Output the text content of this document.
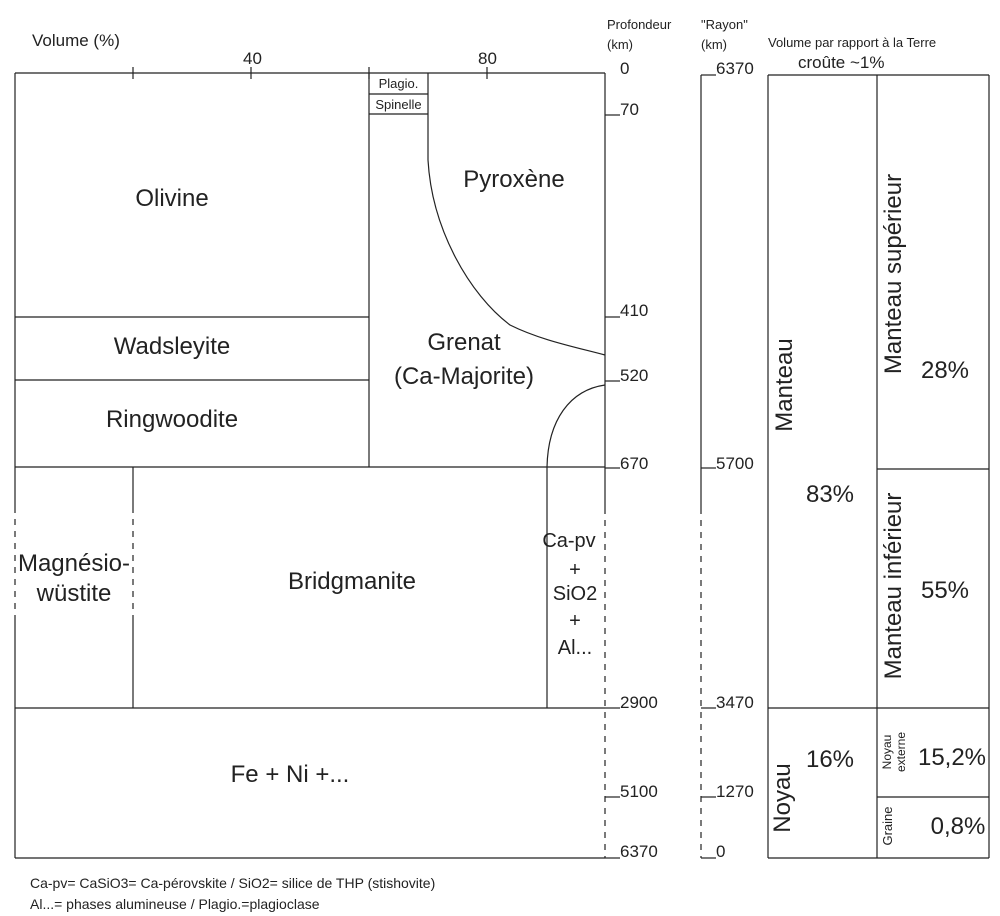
Volume (%)
40	80
Plagio.
Spinelle
Olivine
Pyroxène
Wadsleyite
Ringwoodite
Grenat
(Ca-Majorite)
Magnésio-
wüstite	Bridgmanite
Ca-pv
+
SiO2
+
Al...
Fe + Ni +...
Profondeur
(km)
0
70
410
520
670
2900
5100
6370
"Rayon"
(km)
6370
5700
3470
1270
0
Volume par rapport à la Terre
croûte ~1%
Manteau
83%
Noyau
16%
Manteau supérieur 28%
Manteau inférieur 55%
Noyau externe 15,2%
Graine 0,8%
Ca-pv= CaSiO3= Ca-pérovskite / SiO2= silice de THP (stishovite)
Al...= phases alumineuse / Plagio.=plagioclase
